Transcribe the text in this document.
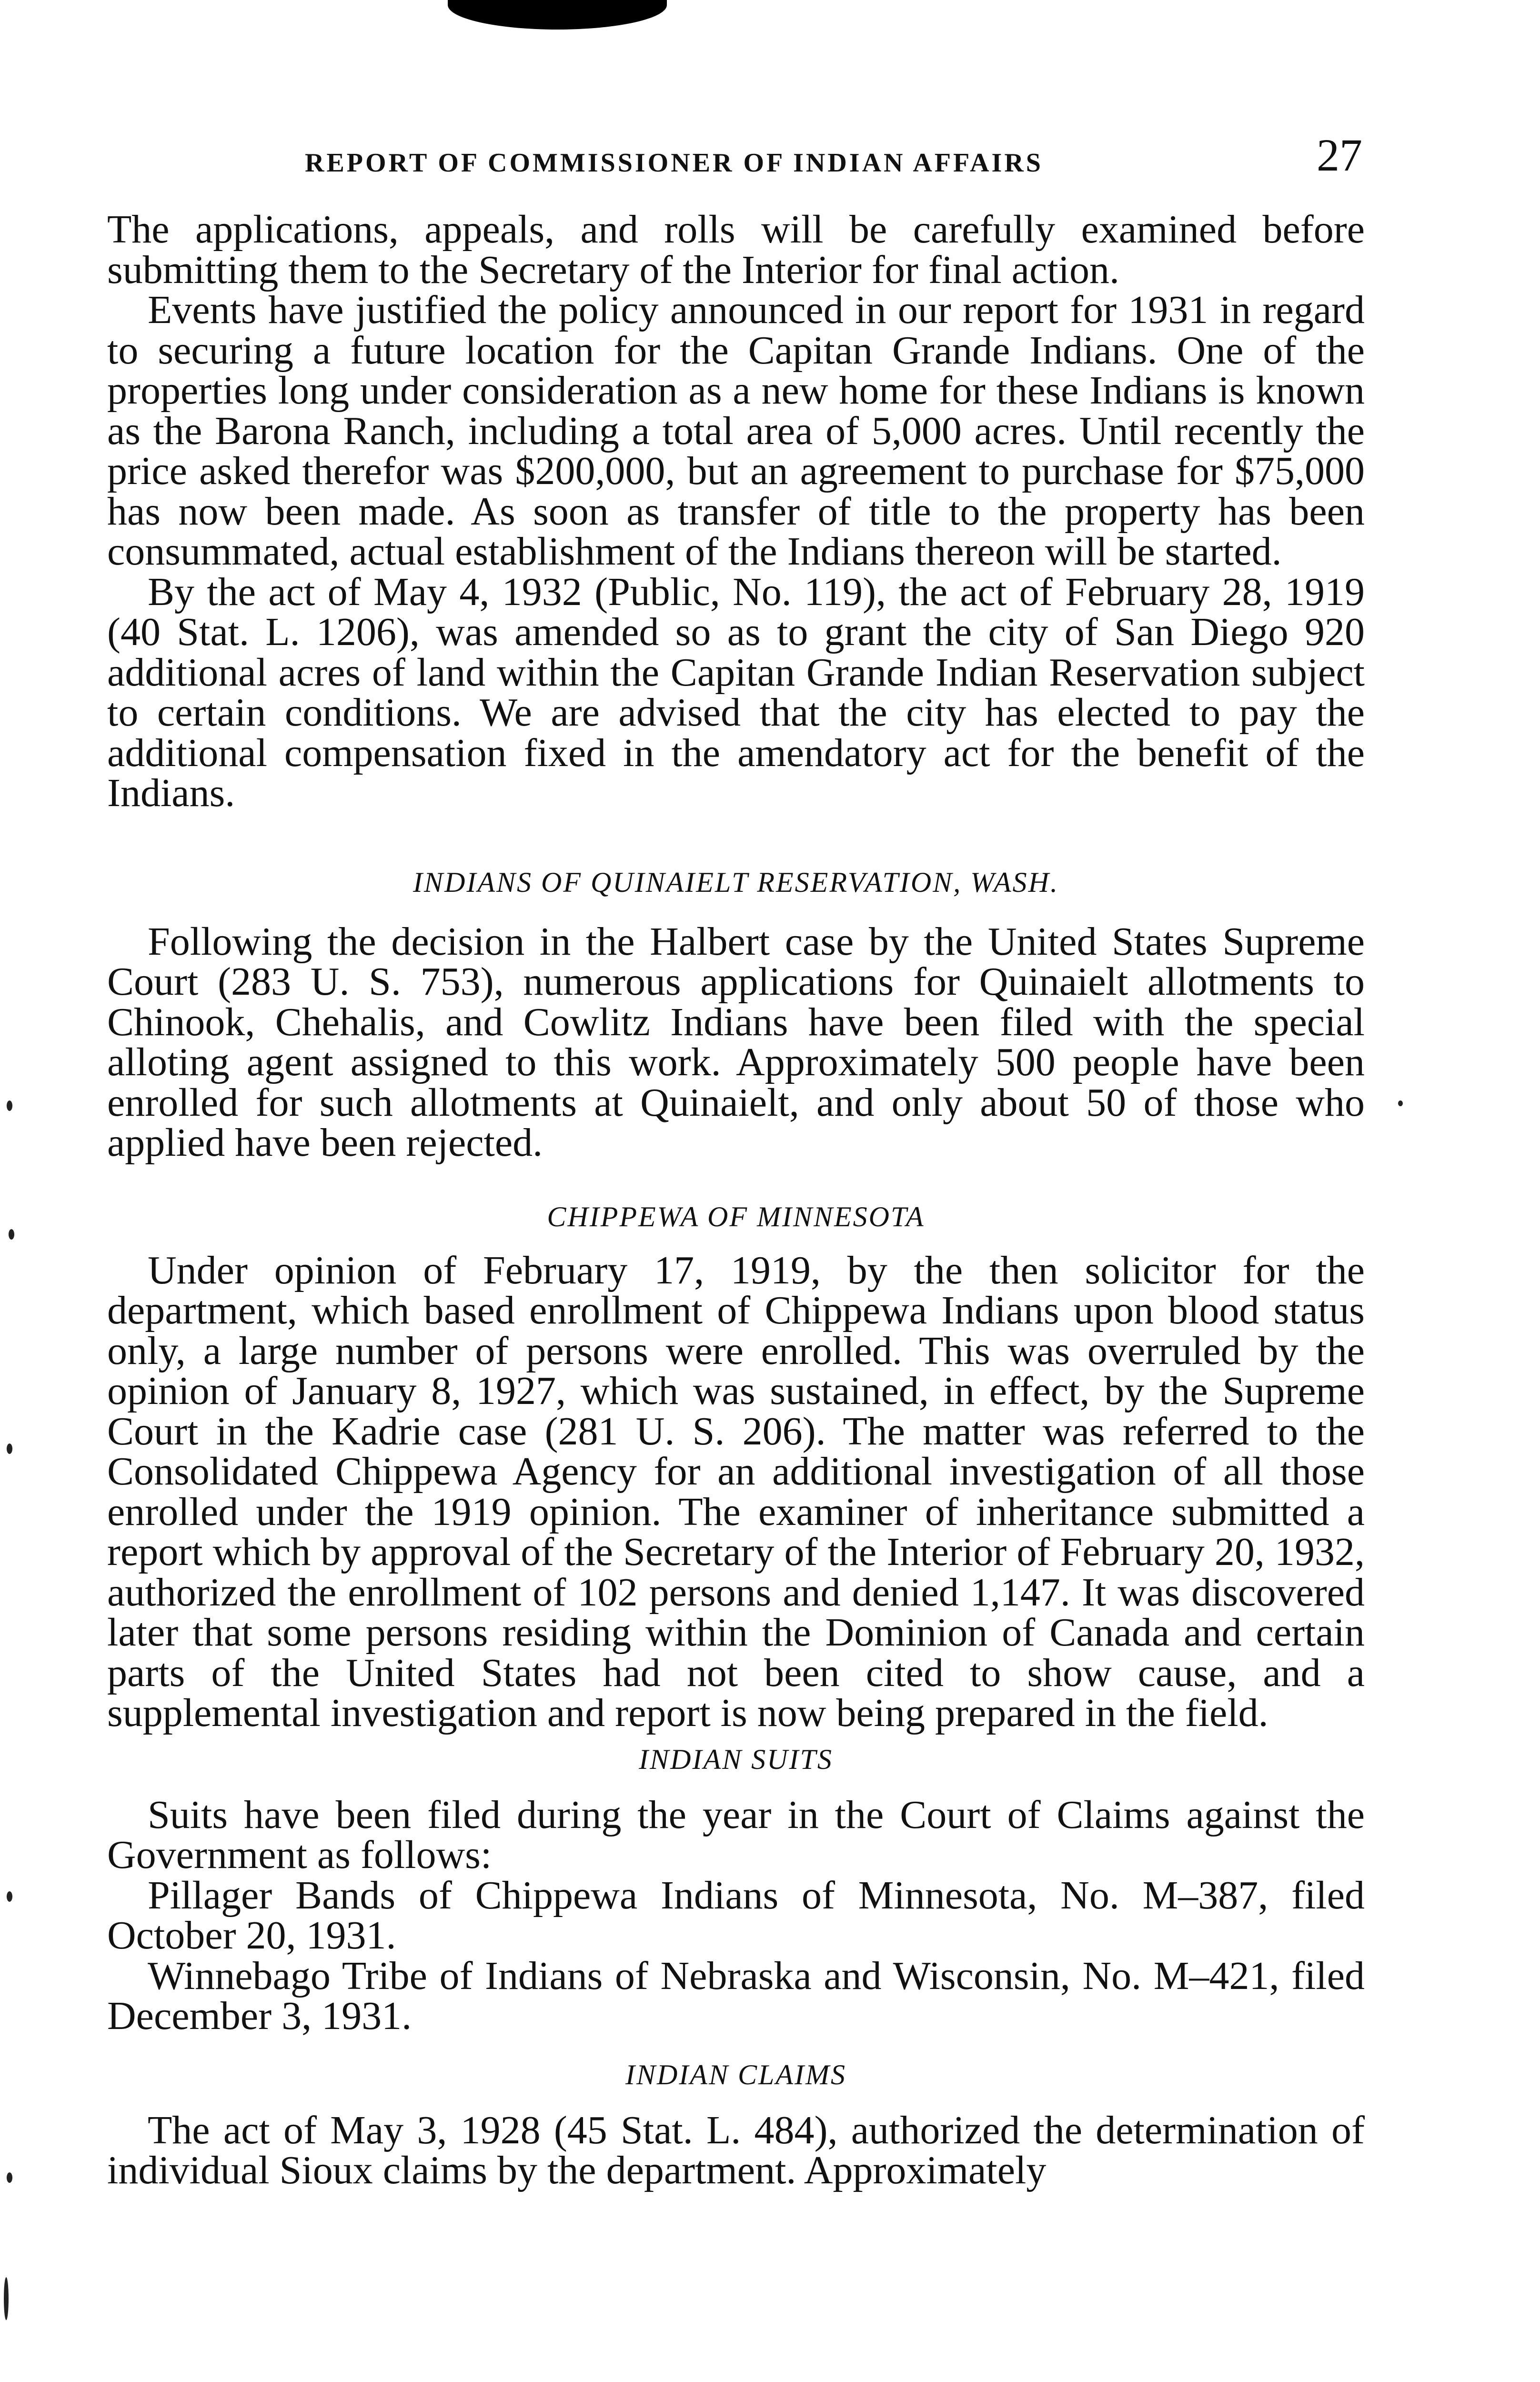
REPORT OF COMMISSIONER OF INDIAN AFFAIRS	27

The applications, appeals, and rolls will be carefully examined before submitting them to the Secretary of the Interior for final action.

Events have justified the policy announced in our report for 1931 in regard to securing a future location for the Capitan Grande Indians. One of the properties long under consideration as a new home for these Indians is known as the Barona Ranch, including a total area of 5,000 acres. Until recently the price asked therefor was $200,000, but an agreement to purchase for $75,000 has now been made. As soon as transfer of title to the property has been consummated, actual establishment of the Indians thereon will be started.

By the act of May 4, 1932 (Public, No. 119), the act of February 28, 1919 (40 Stat. L. 1206), was amended so as to grant the city of San Diego 920 additional acres of land within the Capitan Grande Indian Reservation subject to certain conditions. We are advised that the city has elected to pay the additional compensation fixed in the amendatory act for the benefit of the Indians.

INDIANS OF QUINAIELT RESERVATION, WASH.

Following the decision in the Halbert case by the United States Supreme Court (283 U. S. 753), numerous applications for Quinaielt allotments to Chinook, Chehalis, and Cowlitz Indians have been filed with the special alloting agent assigned to this work. Approximately 500 people have been enrolled for such allotments at Quinaielt, and only about 50 of those who applied have been rejected.

CHIPPEWA OF MINNESOTA

Under opinion of February 17, 1919, by the then solicitor for the department, which based enrollment of Chippewa Indians upon blood status only, a large number of persons were enrolled. This was overruled by the opinion of January 8, 1927, which was sustained, in effect, by the Supreme Court in the Kadrie case (281 U. S. 206). The matter was referred to the Consolidated Chippewa Agency for an additional investigation of all those enrolled under the 1919 opinion. The examiner of inheritance submitted a report which by approval of the Secretary of the Interior of February 20, 1932, authorized the enrollment of 102 persons and denied 1,147. It was discovered later that some persons residing within the Dominion of Canada and certain parts of the United States had not been cited to show cause, and a supplemental investigation and report is now being prepared in the field.

INDIAN SUITS

Suits have been filed during the year in the Court of Claims against the Government as follows:

Pillager Bands of Chippewa Indians of Minnesota, No. M–387, filed October 20, 1931.

Winnebago Tribe of Indians of Nebraska and Wisconsin, No. M–421, filed December 3, 1931.

INDIAN CLAIMS

The act of May 3, 1928 (45 Stat. L. 484), authorized the determination of individual Sioux claims by the department. Approximately
